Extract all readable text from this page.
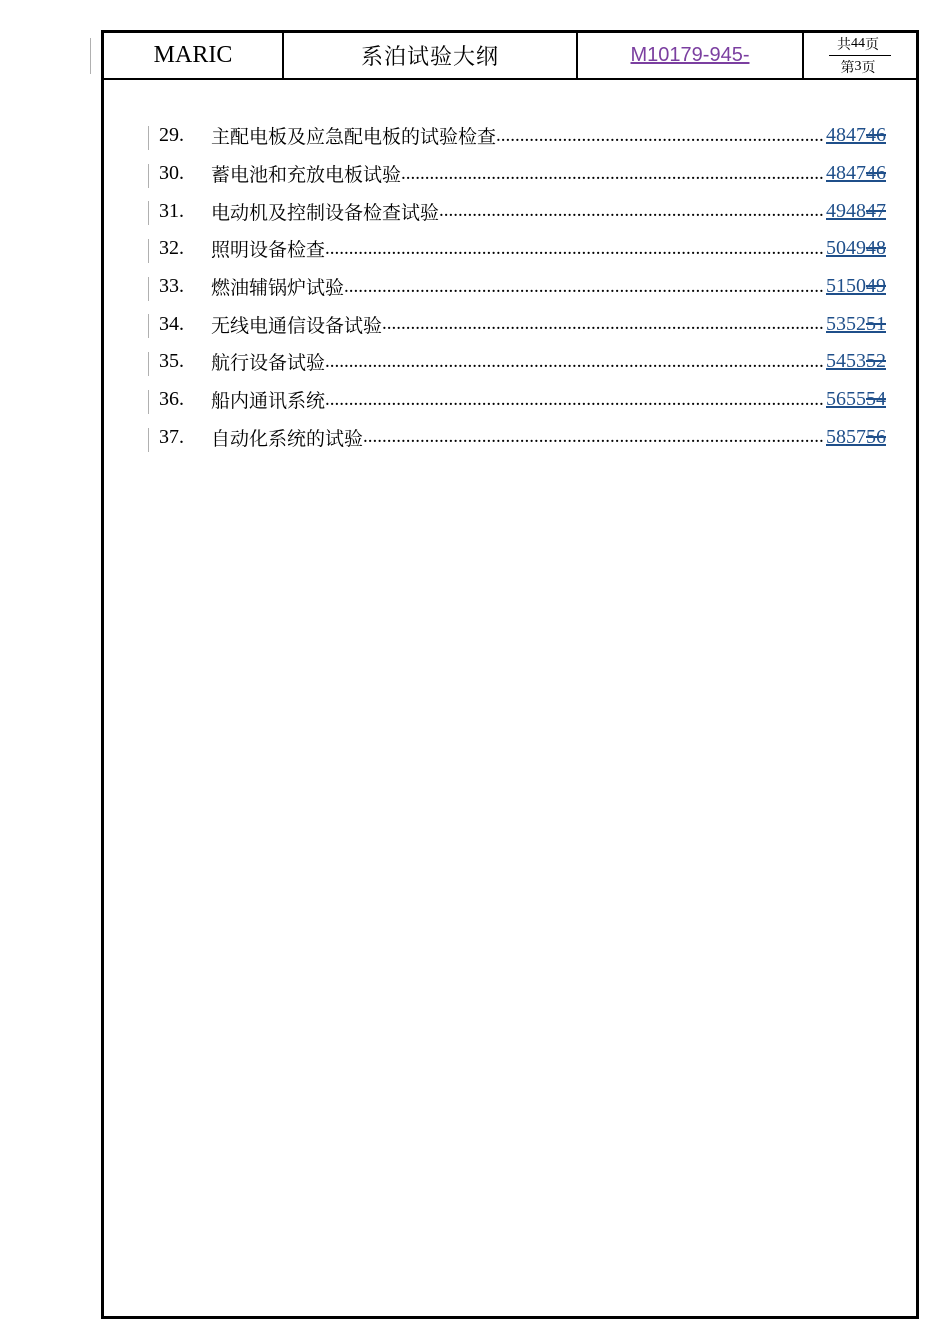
MARIC	系泊试验大纲	M10179-945-	共 44 页
第 3 页
29.	主配电板及应急配电板的试验检查 .....	484746
30.	蓄电池和充放电板试验 .....	484746
31.	电动机及控制设备检查试验 .....	494847
32.	照明设备检查 .....	504948
33.	燃油辅锅炉试验 .....	515049
34.	无线电通信设备试验 .....	535251
35.	航行设备试验 .....	545352
36.	船内通讯系统 .....	565554
37.	自动化系统的试验 .....	585756
